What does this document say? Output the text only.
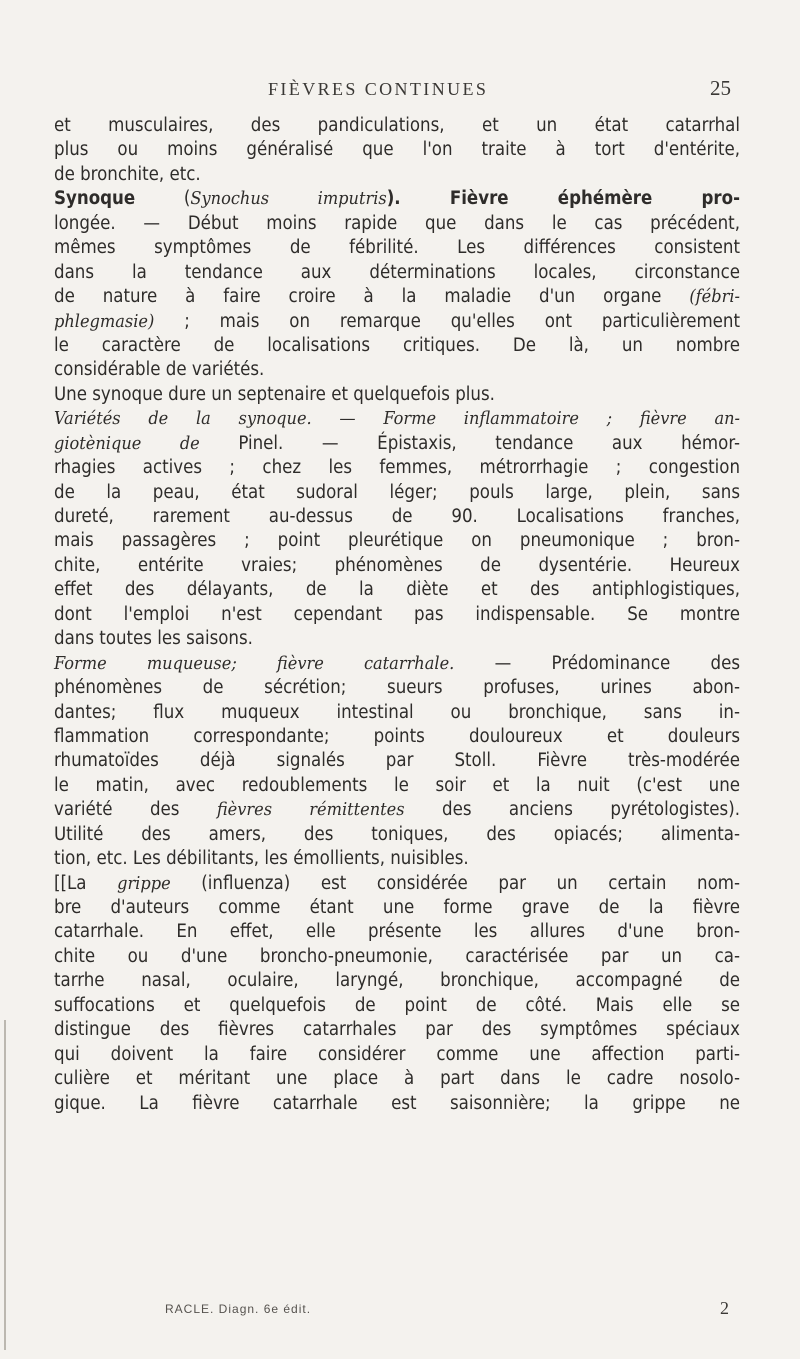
FIÈVRES CONTINUES	25
et musculaires, des pandiculations, et un état catarrhal
plus ou moins généralisé que l'on traite à tort d'entérite,
de bronchite, etc.
Synoque (Synochus imputris). Fièvre éphémère pro-
longée. — Début moins rapide que dans le cas précédent,
mêmes symptômes de fébrilité. Les différences consistent
dans la tendance aux déterminations locales, circonstance
de nature à faire croire à la maladie d'un organe (fébri-
phlegmasie) ; mais on remarque qu'elles ont particulièrement
le caractère de localisations critiques. De là, un nombre
considérable de variétés.
Une synoque dure un septenaire et quelquefois plus.
Variétés de la synoque. — Forme inflammatoire ; fièvre an-
giotènique de Pinel. — Épistaxis, tendance aux hémor-
rhagies actives ; chez les femmes, métrorrhagie ; congestion
de la peau, état sudoral léger; pouls large, plein, sans
dureté, rarement au-dessus de 90. Localisations franches,
mais passagères ; point pleurétique on pneumonique ; bron-
chite, entérite vraies; phénomènes de dysentérie. Heureux
effet des délayants, de la diète et des antiphlogistiques,
dont l'emploi n'est cependant pas indispensable. Se montre
dans toutes les saisons.
Forme muqueuse; fièvre catarrhale. — Prédominance des
phénomènes de sécrétion; sueurs profuses, urines abon-
dantes; flux muqueux intestinal ou bronchique, sans in-
flammation correspondante; points douloureux et douleurs
rhumatoïdes déjà signalés par Stoll. Fièvre très-modérée
le matin, avec redoublements le soir et la nuit (c'est une
variété des fièvres rémittentes des anciens pyrétologistes).
Utilité des amers, des toniques, des opiacés; alimenta-
tion, etc. Les débilitants, les émollients, nuisibles.
[[La grippe (influenza) est considérée par un certain nom-
bre d'auteurs comme étant une forme grave de la fièvre
catarrhale. En effet, elle présente les allures d'une bron-
chite ou d'une broncho-pneumonie, caractérisée par un ca-
tarrhe nasal, oculaire, laryngé, bronchique, accompagné de
suffocations et quelquefois de point de côté. Mais elle se
distingue des fièvres catarrhales par des symptômes spéciaux
qui doivent la faire considérer comme une affection parti-
culière et méritant une place à part dans le cadre nosolo-
gique. La fièvre catarrhale est saisonnière; la grippe ne
RACLE. Diagn. 6e édit.	2
